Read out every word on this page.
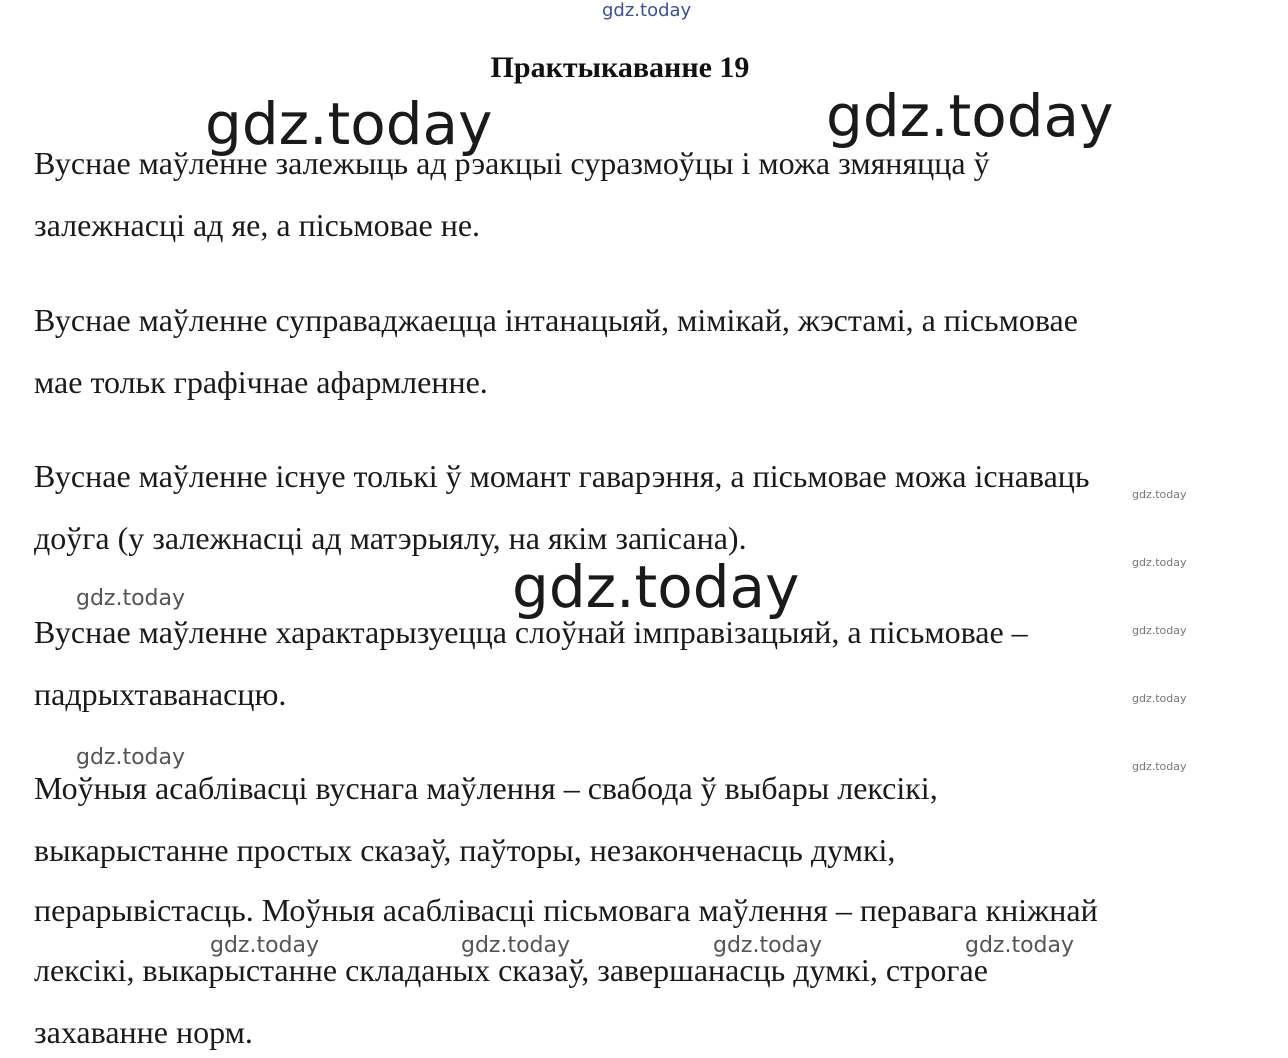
Практыкаванне 19
Вуснае маўленне залежыць ад рэакцыі суразмоўцы і можа змяняцца ў
залежнасці ад яе, а пісьмовае не.
Вуснае маўленне суправаджаецца інтанацыяй, мімікай, жэстамі, а пісьмовае
мае тольк графічнае афармленне.
Вуснае маўленне існуе толькі ў момант гаварэння, а пісьмовае можа існаваць
доўга (у залежнасці ад матэрыялу, на якім запісана).
Вуснае маўленне характарызуецца слоўнай імправізацыяй, а пісьмовае –
падрыхтаванасцю.
Моўныя асаблівасці вуснага маўлення – свабода ў выбары лексікі,
выкарыстанне простых сказаў, паўторы, незаконченасць думкі,
перарывістасць. Моўныя асаблівасці пісьмовага маўлення – перавага кніжнай
лексікі, выкарыстанне складаных сказаў, завершанасць думкі, строгае
захаванне норм.
gdz.today
gdz.today	gdz.today
gdz.today
gdz.today
gdz.today
gdz.today	gdz.today	gdz.today	gdz.today
gdz.today
gdz.today
gdz.today
gdz.today
gdz.today
